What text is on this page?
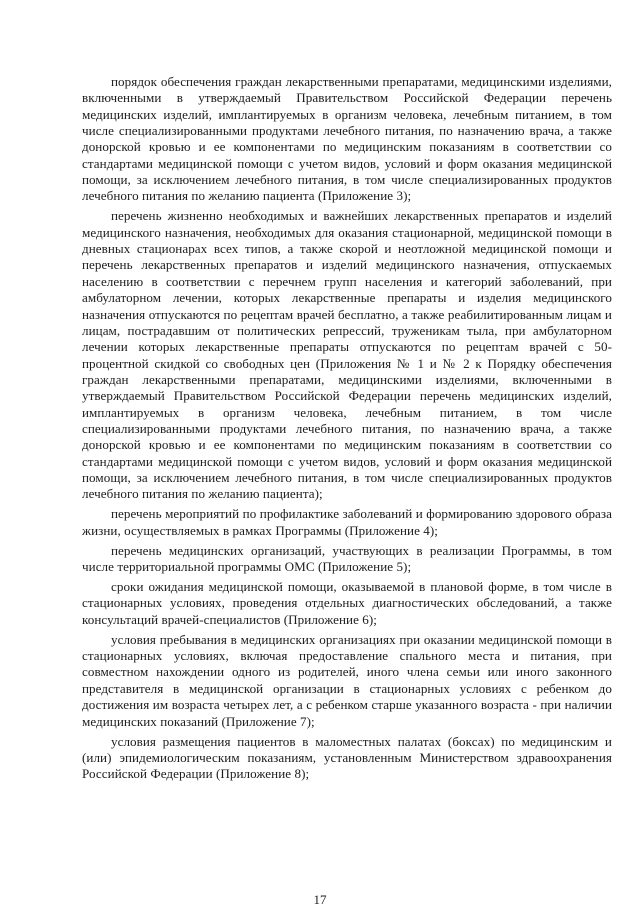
порядок обеспечения граждан лекарственными препаратами, медицинскими изделиями, включенными в утверждаемый Правительством Российской Федерации перечень медицинских изделий, имплантируемых в организм человека, лечебным питанием, в том числе специализированными продуктами лечебного питания, по назначению врача, а также донорской кровью и ее компонентами по медицинским показаниям в соответствии со стандартами медицинской помощи с учетом видов, условий и форм оказания медицинской помощи, за исключением лечебного питания, в том числе специализированных продуктов лечебного питания по желанию пациента (Приложение 3);

перечень жизненно необходимых и важнейших лекарственных препаратов и изделий медицинского назначения, необходимых для оказания стационарной, медицинской помощи в дневных стационарах всех типов, а также скорой и неотложной медицинской помощи и перечень лекарственных препаратов и изделий медицинского назначения, отпускаемых населению в соответствии с перечнем групп населения и категорий заболеваний, при амбулаторном лечении, которых лекарственные препараты и изделия медицинского назначения отпускаются по рецептам врачей бесплатно, а также реабилитированным лицам и лицам, пострадавшим от политических репрессий, труженикам тыла, при амбулаторном лечении которых лекарственные препараты отпускаются по рецептам врачей с 50-процентной скидкой со свободных цен (Приложения № 1 и № 2 к Порядку обеспечения граждан лекарственными препаратами, медицинскими изделиями, включенными в утверждаемый Правительством Российской Федерации перечень медицинских изделий, имплантируемых в организм человека, лечебным питанием, в том числе специализированными продуктами лечебного питания, по назначению врача, а также донорской кровью и ее компонентами по медицинским показаниям в соответствии со стандартами медицинской помощи с учетом видов, условий и форм оказания медицинской помощи, за исключением лечебного питания, в том числе специализированных продуктов лечебного питания по желанию пациента);

перечень мероприятий по профилактике заболеваний и формированию здорового образа жизни, осуществляемых в рамках Программы (Приложение 4);

перечень медицинских организаций, участвующих в реализации Программы, в том числе территориальной программы ОМС (Приложение 5);

сроки ожидания медицинской помощи, оказываемой в плановой форме, в том числе в стационарных условиях, проведения отдельных диагностических обследований, а также консультаций врачей-специалистов (Приложение 6);

условия пребывания в медицинских организациях при оказании медицинской помощи в стационарных условиях, включая предоставление спального места и питания, при совместном нахождении одного из родителей, иного члена семьи или иного законного представителя в медицинской организации в стационарных условиях с ребенком до достижения им возраста четырех лет, а с ребенком старше указанного возраста - при наличии медицинских показаний (Приложение 7);

условия размещения пациентов в маломестных палатах (боксах) по медицинским и (или) эпидемиологическим показаниям, установленным Министерством здравоохранения Российской Федерации (Приложение 8);

17
